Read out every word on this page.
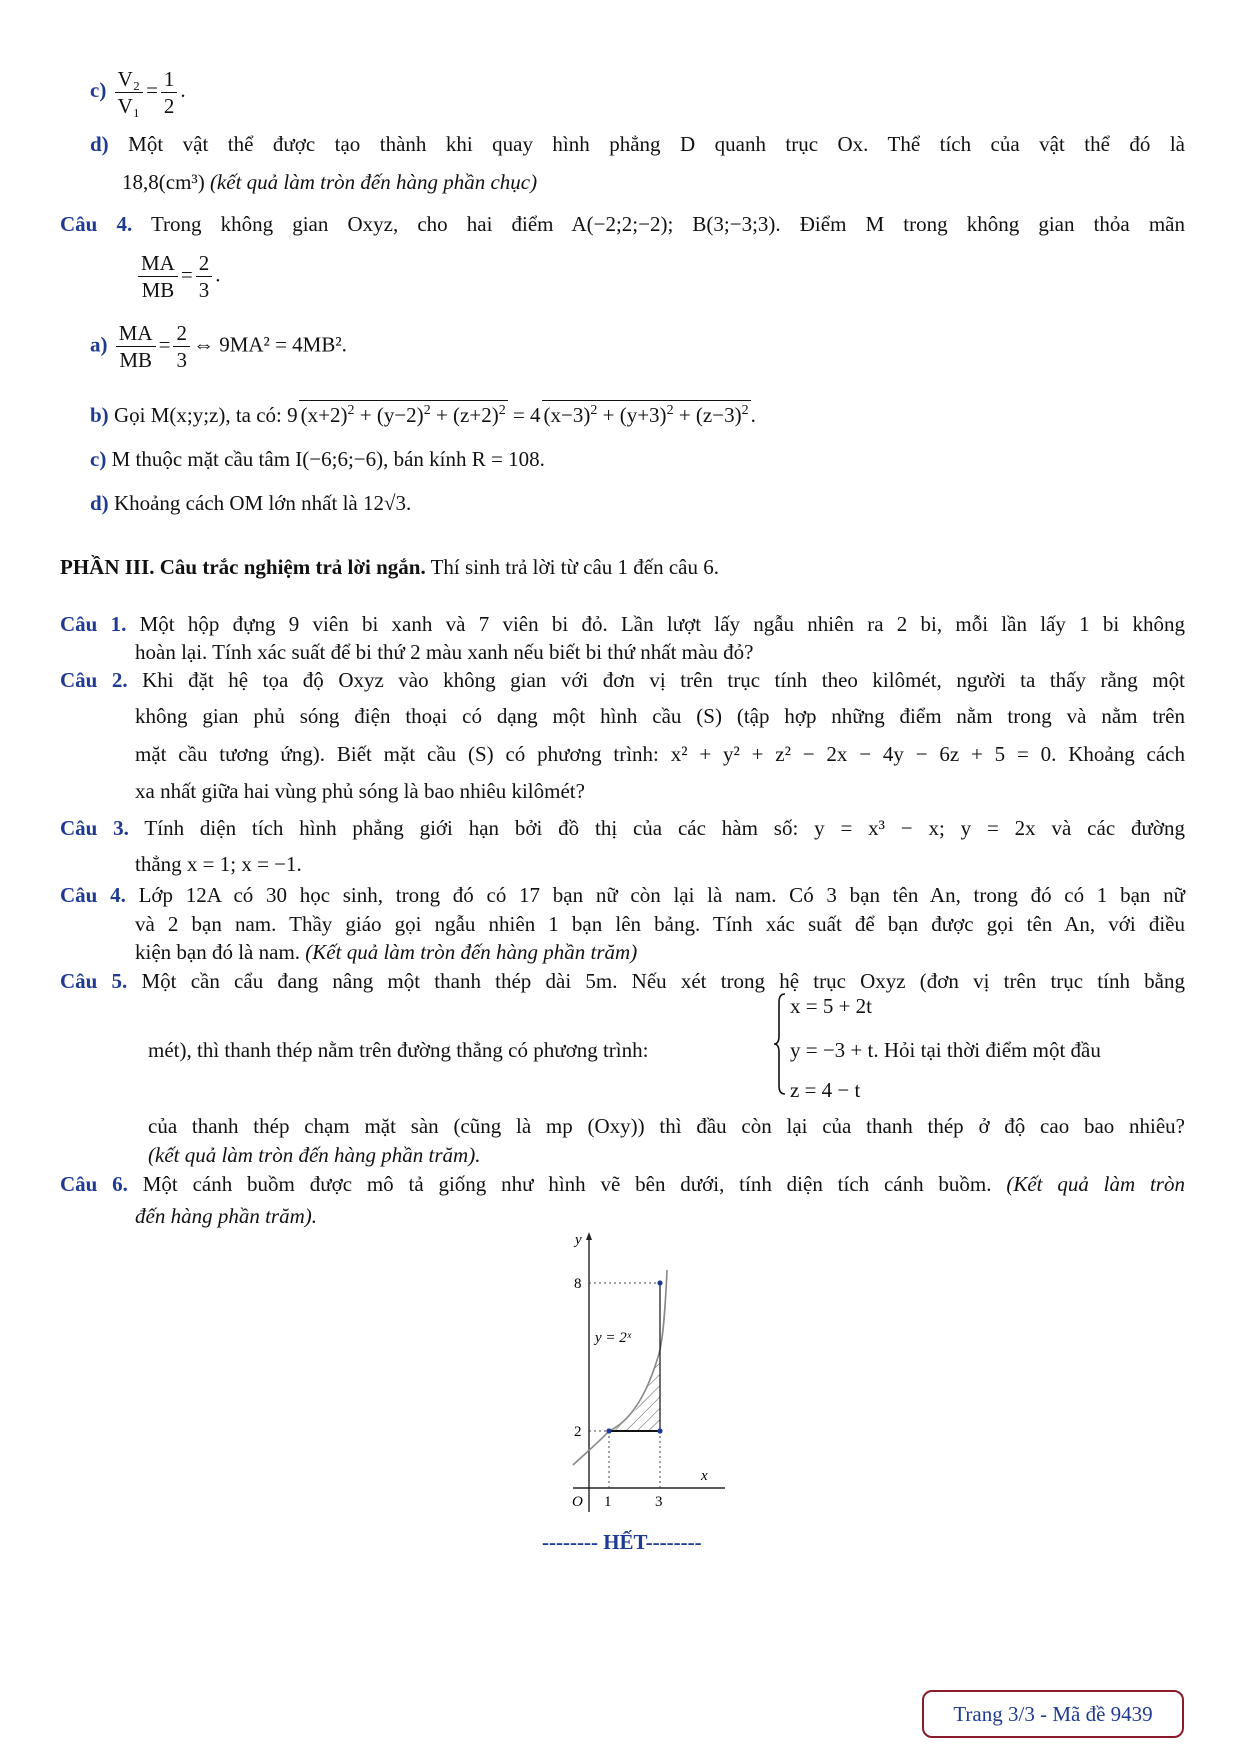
$c) \frac{\text{V₂}}{\text{V₁}} = \frac{1}{2}$ .
d) Một vật thể được tạo thành khi quay hình phẳng D quanh trục Ox. Thể tích của vật thể đó là
18,8(cm³) (kết quả làm tròn đến hàng phần chục)
Câu 4. Trong không gian Oxyz, cho hai điểm A(−2;2;−2); B(3;−3;3). Điểm M trong không gian thỏa mãn
$\frac{MA}{MB} = \frac{2}{3}$ .
$a) \frac{MA}{MB} = \frac{2}{3}$ ⇔ 9MA² = 4MB².
b) Gọi M(x;y;z), ta có: 9 $(x+2)^2 + (y-2)^2 + (z+2)^2 = 4$ $(x-3)^2 + (y+3)^2 + (z-3)^2$.
c) M thuộc mặt cầu tâm I(−6;6;−6), bán kính R = 108.
d) Khoảng cách OM lớn nhất là 12√3.
PHẦN III. Câu trắc nghiệm trả lời ngắn. Thí sinh trả lời từ câu 1 đến câu 6.
Câu 1. Một hộp đựng 9 viên bi xanh và 7 viên bi đỏ. Lần lượt lấy ngẫu nhiên ra 2 bi, mỗi lần lấy 1 bi không
hoàn lại. Tính xác suất để bi thứ 2 màu xanh nếu biết bi thứ nhất màu đỏ?
Câu 2. Khi đặt hệ tọa độ Oxyz vào không gian với đơn vị trên trục tính theo kilômét, người ta thấy rằng một
không gian phủ sóng điện thoại có dạng một hình cầu (S) (tập hợp những điểm nằm trong và nằm trên
mặt cầu tương ứng). Biết mặt cầu (S) có phương trình: x² + y² + z² − 2x − 4y − 6z + 5 = 0. Khoảng cách
xa nhất giữa hai vùng phủ sóng là bao nhiêu kilômét?
Câu 3. Tính diện tích hình phẳng giới hạn bởi đồ thị của các hàm số: y = x³ − x; y = 2x và các đường
thẳng x = 1; x = −1.
Câu 4. Lớp 12A có 30 học sinh, trong đó có 17 bạn nữ còn lại là nam. Có 3 bạn tên An, trong đó có 1 bạn nữ
và 2 bạn nam. Thầy giáo gọi ngẫu nhiên 1 bạn lên bảng. Tính xác suất để bạn được gọi tên An, với điều
kiện bạn đó là nam. (Kết quả làm tròn đến hàng phần trăm)
Câu 5. Một cần cẩu đang nâng một thanh thép dài 5m. Nếu xét trong hệ trục Oxyz (đơn vị trên trục tính bằng
mét), thì thanh thép nằm trên đường thẳng có phương trình:
x = 5 + 2t
y = −3 + t. Hỏi tại thời điểm một đầu
z = 4 − t
của thanh thép chạm mặt sàn (cũng là mp (Oxy)) thì đầu còn lại của thanh thép ở độ cao bao nhiêu?
(kết quả làm tròn đến hàng phần trăm).
Câu 6. Một cánh buồm được mô tả giống như hình vẽ bên dưới, tính diện tích cánh buồm. (Kết quả làm tròn
đến hàng phần trăm).
y
x
O
8
2
1	3
y = 2ˣ
-------- HẾT--------
Trang 3/3 - Mã đề 9439
